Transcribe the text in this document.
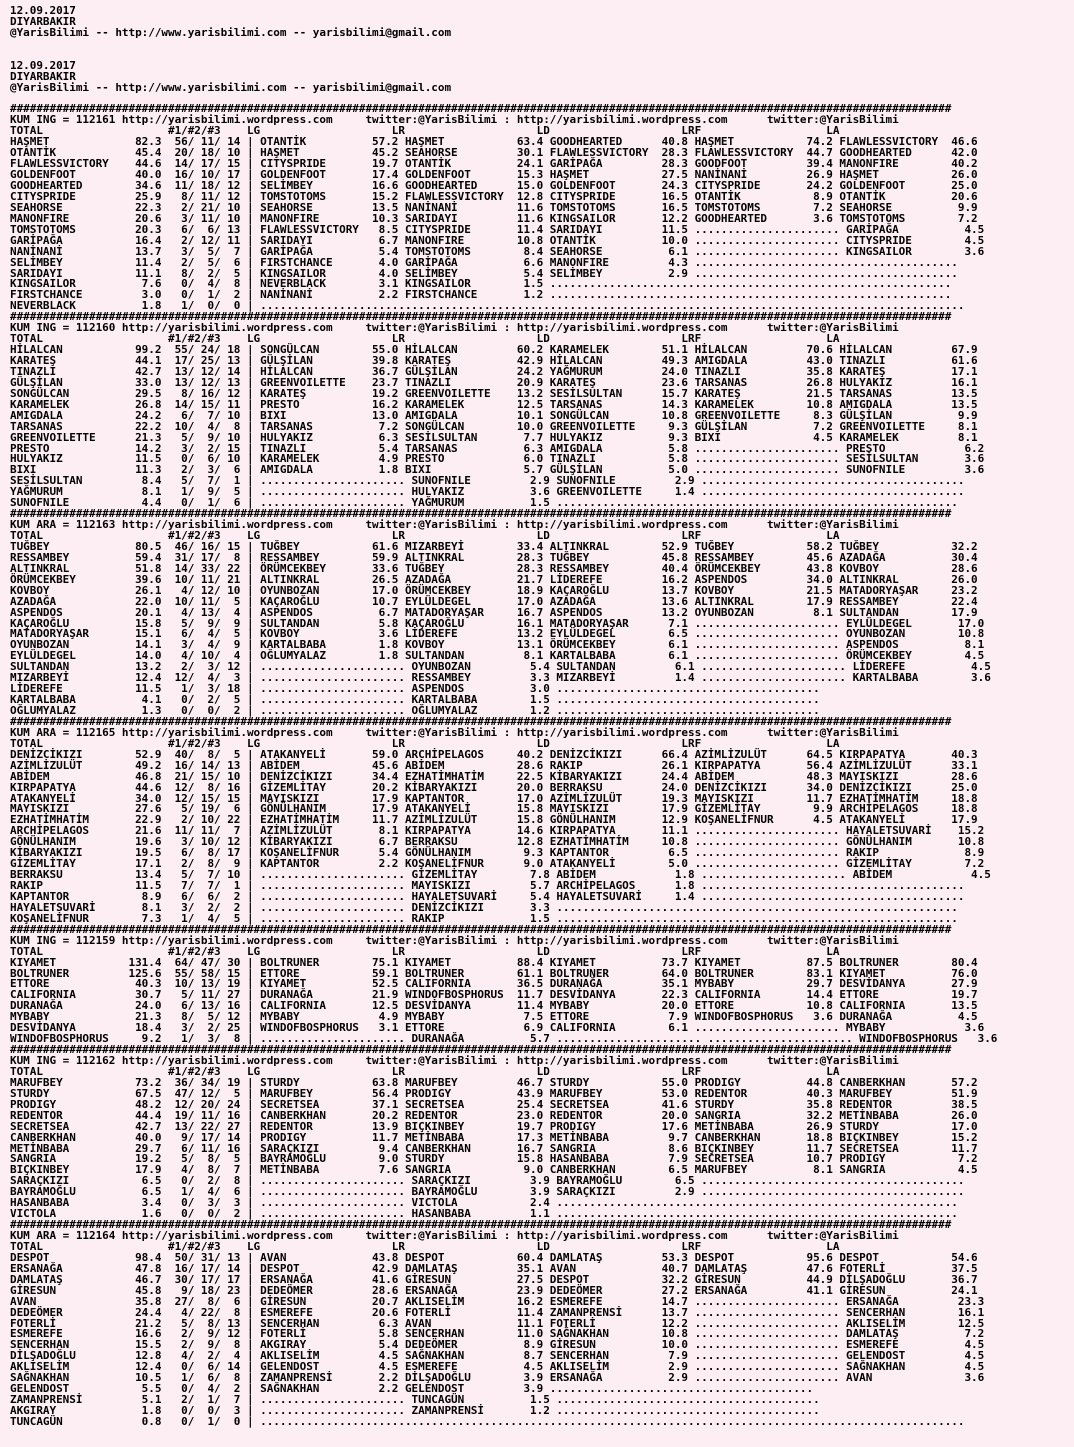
12.09.2017
DIYARBAKIR
@YarisBilimi -- http://www.yarisbilimi.com -- yarisbilimi@gmail.com

12.09.2017
DIYARBAKIR
@YarisBilimi -- http://www.yarisbilimi.com -- yarisbilimi@gmail.com

###############################################################################################################################################
KUM ING = 112161 http://yarisbilimi.wordpress.com     twitter:@YarisBilimi : http://yarisbilimi.wordpress.com      twitter:@YarisBilimi
TOTAL                   #1/#2/#3    LG                    LR                    LD                    LRF                   LA
HAŞMET             82.3  56/ 11/ 14 | OTANTİK          57.2 HAŞMET           63.4 GOODHEARTED      40.8 HAŞMET           74.2 FLAWLESSVICTORY  46.6
OTANTİK            45.4  20/ 18/ 10 | HAŞMET           45.2 SEAHORSE         30.1 FLAWLESSVICTORY  28.3 FLAWLESSVICTORY  44.7 GOODHEARTED      42.0
FLAWLESSVICTORY    44.6  14/ 17/ 15 | CITYSPRIDE       19.7 OTANTİK          24.1 GARİPAĞA         28.3 GOODFOOT         39.4 MANONFIRE        40.2
GOLDENFOOT         40.0  16/ 10/ 17 | GOLDENFOOT       17.4 GOLDENFOOT       15.3 HAŞMET           27.5 NANİNANİ         26.9 HAŞMET           26.0
GOODHEARTED        34.6  11/ 18/ 12 | SELİMBEY         16.6 GOODHEARTED      15.0 GOLDENFOOT       24.3 CITYSPRIDE       24.2 GOLDENFOOT       25.0
CITYSPRIDE         25.9   8/ 11/ 12 | TOMSTOTOMS       15.2 FLAWLESSVICTORY  12.8 CITYSPRIDE       16.5 OTANTİK           8.9 OTANTİK          20.6
SEAHORSE           22.3   2/ 21/ 10 | SEAHORSE         13.5 NANİNANİ         11.6 TOMSTOTOMS       16.5 TOMSTOTOMS        7.2 SEAHORSE          9.9
MANONFIRE          20.6   3/ 11/ 10 | MANONFIRE        10.3 SARIDAYI         11.6 KINGSAILOR       12.2 GOODHEARTED       3.6 TOMSTOTOMS        7.2
TOMSTOTOMS         20.3   6/  6/ 13 | FLAWLESSVICTORY   8.5 CITYSPRIDE       11.4 SARIDAYI         11.5 ...................... GARİPAĞA          4.5
GARİPAĞA           16.4   2/ 12/ 11 | SARIDAYI          6.7 MANONFIRE        10.8 OTANTİK          10.0 ...................... CITYSPRIDE        4.5
NANİNANİ           13.7   3/  5/  7 | GARİPAĞA          5.4 TOMSTOTOMS        8.4 SEAHORSE          6.1 ...................... KINGSAILOR        3.6
SELİMBEY           11.4   2/  5/  6 | FIRSTCHANCE       4.0 GARİPAĞA          6.6 MANONFIRE         4.3 ........................................
SARIDAYI           11.1   8/  2/  5 | KINGSAILOR        4.0 SELİMBEY          5.4 SELİMBEY          2.9 ........................................
KINGSAILOR          7.6   0/  4/  8 | NEVERBLACK        3.1 KINGSAILOR        1.5 .............................................................
FIRSTCHANCE         3.0   0/  1/  2 | NANİNANİ          2.2 FIRSTCHANCE       1.2 .............................................................
NEVERBLACK          1.8   1/  0/  0 | ...........................................................................................................
###############################################################################################################################################
KUM ING = 112160 http://yarisbilimi.wordpress.com     twitter:@YarisBilimi : http://yarisbilimi.wordpress.com      twitter:@YarisBilimi
TOTAL                   #1/#2/#3    LG                    LR                    LD                    LRF                   LA
HİLALCAN           99.2  55/ 24/ 18 | SONGÜLCAN        55.0 HİLALCAN         60.2 KARAMELEK        51.1 HİLALCAN         70.6 HİLALCAN         67.9
KARATEŞ            44.1  17/ 25/ 13 | GÜLŞİLAN         39.8 KARATEŞ          42.9 HİLALCAN         49.3 AMIGDALA         43.0 TINAZLI          61.6
TINAZLI            42.7  13/ 12/ 14 | HİLALCAN         36.7 GÜLŞİLAN         24.2 YAĞMURUM         24.0 TINAZLI          35.8 KARATEŞ          17.1
GÜLŞİLAN           33.0  13/ 12/ 13 | GREENVOILETTE    23.7 TINAZLI          20.9 KARATEŞ          23.6 TARSANAS         26.8 HULYAKIZ         16.1
SONGÜLCAN          29.5   8/ 16/ 12 | KARATEŞ          19.2 GREENVOILETTE    13.2 SESİLSULTAN      15.7 KARATEŞ          21.5 TARSANAS         13.5
KARAMELEK          26.8  14/ 15/ 11 | PRESTO           16.2 KARAMELEK        12.5 TARSANAS         14.3 KARAMELEK        10.8 AMIGDALA         13.5
AMIGDALA           24.2   6/  7/ 10 | BIXI             13.0 AMIGDALA         10.1 SONGÜLCAN        10.8 GREENVOILETTE     8.3 GÜLŞİLAN          9.9
TARSANAS           22.2  10/  4/  8 | TARSANAS          7.2 SONGÜLCAN        10.0 GREENVOILETTE     9.3 GÜLŞİLAN          7.2 GREENVOILETTE     8.1
GREENVOILETTE      21.3   5/  9/ 10 | HULYAKIZ          6.3 SESİLSULTAN       7.7 HULYAKIZ          9.3 BIXI              4.5 KARAMELEK         8.1
PRESTO             14.2   3/  2/ 15 | TINAZLI           5.4 TARSANAS          6.3 AMIGDALA          5.8 ...................... PRESTO            6.2
HULYAKIZ           11.5   0/  6/ 10 | KARAMELEK         4.9 PRESTO            6.0 TINAZLI           5.8 ...................... SESİLSULTAN       3.6
BIXI               11.3   2/  3/  6 | AMIGDALA          1.8 BIXI              5.7 GÜLŞİLAN          5.0 ...................... SUNOFNILE         3.6
SESİLSULTAN         8.4   5/  7/  1 | ...................... SUNOFNILE         2.9 SUNOFNILE         2.9 ........................................
YAĞMURUM            8.1   1/  9/  5 | ...................... HULYAKIZ          3.6 GREENVOILETTE     1.4 ........................................
SUNOFNILE           4.4   0/  1/  6 | ...................... YAĞMURUM          1.5 .............................................................
###############################################################################################################################################
KUM ARA = 112163 http://yarisbilimi.wordpress.com     twitter:@YarisBilimi : http://yarisbilimi.wordpress.com      twitter:@YarisBilimi
TOTAL                   #1/#2/#3    LG                    LR                    LD                    LRF                   LA
TUĞBEY             80.5  46/ 16/ 15 | TUĞBEY           61.6 MIZARBEYİ        33.4 ALTINKRAL        52.9 TUĞBEY           58.2 TUĞBEY           32.2
RESSAMBEY          59.4  31/ 17/  8 | RESSAMBEY        59.9 ALTINKRAL        28.3 TUĞBEY           45.8 RESSAMBEY        45.6 AZADAĞA          30.4
ALTINKRAL          51.8  14/ 33/ 22 | ÖRÜMCEKBEY       33.6 TUĞBEY           28.3 RESSAMBEY        40.4 ÖRÜMCEKBEY       43.8 KOVBOY           28.6
ÖRÜMCEKBEY         39.6  10/ 11/ 21 | ALTINKRAL        26.5 AZADAĞA          21.7 LİDEREFE         16.2 ASPENDOS         34.0 ALTINKRAL        26.0
KOVBOY             26.1   4/ 12/ 10 | OYUNBOZAN        17.0 ÖRÜMCEKBEY       18.9 KAÇAROĞLU        13.7 KOVBOY           21.5 MATADORYAŞAR     23.2
AZADAĞA            22.0  10/ 11/  5 | KAÇAROĞLU        10.7 EYLÜLDEGEL       17.0 AZADAĞA          13.6 ALTINKRAL        17.9 RESSAMBEY        22.4
ASPENDOS           20.1   4/ 13/  4 | ASPENDOS          6.7 MATADORYAŞAR     16.7 ASPENDOS         13.2 OYUNBOZAN         8.1 SULTANDAN        17.9
KAÇAROĞLU          15.8   5/  9/  9 | SULTANDAN         5.8 KAÇAROĞLU        16.1 MATADORYAŞAR      7.1 ...................... EYLÜLDEGEL       17.0
MATADORYAŞAR       15.1   6/  4/  5 | KOVBOY            3.6 LİDEREFE         13.2 EYLÜLDEGEL        6.5 ...................... OYUNBOZAN        10.8
OYUNBOZAN          14.1   3/  4/  9 | KARTALBABA        1.8 KOVBOY           13.1 ÖRÜMCEKBEY        6.1 ...................... ASPENDOS          8.1
EYLÜLDEGEL         14.0   4/ 10/  4 | OĞLUMYALAZ        1.8 SULTANDAN         8.1 KARTALBABA        6.1 ...................... ÖRÜMCEKBEY        4.5
SULTANDAN          13.2   2/  3/ 12 | ...................... OYUNBOZAN         5.4 SULTANDAN         6.1 ...................... LİDEREFE          4.5
MIZARBEYİ          12.4  12/  4/  3 | ...................... RESSAMBEY         3.3 MIZARBEYİ         1.4 ...................... KARTALBABA        3.6
LİDEREFE           11.5   1/  3/ 18 | ...................... ASPENDOS          3.0 ........................................
KARTALBABA          4.1   0/  2/  5 | ...................... KARTALBABA        1.5 ........................................
OĞLUMYALAZ          1.3   0/  0/  2 | ...................... OĞLUMYALAZ        1.2 ........................................
###############################################################################################################################################
KUM ARA = 112165 http://yarisbilimi.wordpress.com     twitter:@YarisBilimi : http://yarisbilimi.wordpress.com      twitter:@YarisBilimi
TOTAL                   #1/#2/#3    LG                    LR                    LD                    LRF                   LA
DENİZCİKIZI        52.9  40/  8/  5 | ATAKANYELİ       59.0 ARCHİPELAGOS     40.2 DENİZCİKIZI      66.4 AZİMLİZULÜT      64.5 KIRPAPATYA       40.3
AZİMLİZULÜT        49.2  16/ 14/ 13 | ABİDEM           45.6 ABİDEM           28.6 RAKIP            26.1 KIRPAPATYA       56.4 AZİMLİZULÜT      33.1
ABİDEM             46.8  21/ 15/ 10 | DENİZCİKIZI      34.4 EZHATİMHATİM     22.5 KİBARYAKIZI      24.4 ABİDEM           48.3 MAYISKIZI        28.6
KIRPAPATYA         44.6  12/  8/ 16 | GİZEMLİTAY       20.2 KİBARYAKIZI      20.0 BERRAKSU         24.0 DENİZCİKIZI      34.0 DENİZCİKIZI      25.0
ATAKANYELİ         34.0  12/ 15/ 15 | MAYISKIZI        17.9 KAPTANTOR        17.0 AZİMLİZULÜT      19.3 MAYISKIZI        11.7 EZHATİMHATİM     18.8
MAYISKIZI          27.6   5/ 19/  6 | GÖNÜLHANIM       17.9 ATAKANYELİ       15.8 MAYISKIZI        17.9 GİZEMLİTAY        9.9 ARCHİPELAGOS     18.8
EZHATİMHATİM       22.9   2/ 10/ 22 | EZHATİMHATİM     11.7 AZİMLİZULÜT      15.8 GÖNÜLHANIM       12.9 KOŞANELİFNUR      4.5 ATAKANYELİ       17.9
ARCHİPELAGOS       21.6  11/ 11/  7 | AZİMLİZULÜT       8.1 KIRPAPATYA       14.6 KIRPAPATYA       11.1 ...................... HAYALETSUVARİ    15.2
GÖNÜLHANIM         19.6   3/ 10/ 12 | KİBARYAKIZI       6.7 BERRAKSU         12.8 EZHATİMHATİM     10.8 ...................... GÖNÜLHANIM       10.8
KİBARYAKIZI        19.5   6/  8/ 17 | KOŞANELİFNUR      5.4 GÖNÜLHANIM        9.3 KAPTANTOR         6.5 ...................... RAKIP             8.9
GİZEMLİTAY         17.1   2/  8/  9 | KAPTANTOR         2.2 KOŞANELİFNUR      9.0 ATAKANYELİ        5.0 ...................... GİZEMLİTAY        7.2
BERRAKSU           13.4   5/  7/ 10 | ...................... GİZEMLİTAY        7.8 ABİDEM            1.8 ...................... ABİDEM            4.5
RAKIP              11.5   7/  7/  1 | ...................... MAYISKIZI         5.7 ARCHİPELAGOS      1.8 ........................................
KAPTANTOR           8.9   6/  6/  2 | ...................... HAYALETSUVARİ     5.4 HAYALETSUVARİ     1.4 ........................................
HAYALETSUVARİ       8.1   3/  2/  2 | ...................... DENİZCİKIZI       3.3 .............................................................
KOŞANELİFNUR        7.3   1/  4/  5 | ...................... RAKIP             1.5 .............................................................
###############################################################################################################################################
KUM ING = 112159 http://yarisbilimi.wordpress.com     twitter:@YarisBilimi : http://yarisbilimi.wordpress.com      twitter:@YarisBilimi
TOTAL                   #1/#2/#3    LG                    LR                    LD                    LRF                   LA
KIYAMET           131.4  64/ 47/ 30 | BOLTRUNER        75.1 KIYAMET          88.4 KIYAMET          73.7 KIYAMET          87.5 BOLTRUNER        80.4
BOLTRUNER         125.6  55/ 58/ 15 | ETTORE           59.1 BOLTRUNER        61.1 BOLTRUNER        64.0 BOLTRUNER        83.1 KIYAMET          76.0
ETTORE             40.3  10/ 13/ 19 | KIYAMET          52.5 CALIFORNIA       36.5 DURANAĞA         35.1 MYBABY           29.7 DESVİDANYA       27.9
CALIFORNIA         30.7   5/ 11/ 27 | DURANAĞA         21.9 WINDOFBOSPHORUS  11.7 DESVİDANYA       22.3 CALIFORNIA       14.4 ETTORE           19.7
DURANAĞA           24.0   6/ 13/ 16 | CALIFORNIA       12.5 DESVİDANYA       11.4 MYBABY           20.0 ETTORE           10.8 CALIFORNIA       13.5
MYBABY             21.3   8/  5/ 12 | MYBABY            4.9 MYBABY            7.5 ETTORE            7.9 WINDOFBOSPHORUS   3.6 DURANAĞA          4.5
DESVİDANYA         18.4   3/  2/ 25 | WINDOFBOSPHORUS   3.1 ETTORE            6.9 CALIFORNIA        6.1 ...................... MYBABY            3.6
WINDOFBOSPHORUS     9.2   1/  3/  8 | ...................... DURANAĞA          5.7 ...................... ...................... WINDOFBOSPHORUS   3.6
###############################################################################################################################################
KUM ING = 112162 http://yarisbilimi.wordpress.com     twitter:@YarisBilimi : http://yarisbilimi.wordpress.com      twitter:@YarisBilimi
TOTAL                   #1/#2/#3    LG                    LR                    LD                    LRF                   LA
MARUFBEY           73.2  36/ 34/ 19 | STURDY           63.8 MARUFBEY         46.7 STURDY           55.0 PRODIGY          44.8 CANBERKHAN       57.2
STURDY             67.5  47/ 12/  5 | MARUFBEY         56.4 PRODIGY          43.9 MARUFBEY         53.0 REDENTOR         40.3 MARUFBEY         51.9
PRODIGY            48.2  12/ 20/ 24 | SECRETSEA        37.1 SECRETSEA        25.4 SECRETSEA        41.6 STURDY           35.8 REDENTOR         38.5
REDENTOR           44.4  19/ 11/ 16 | CANBERKHAN       20.2 REDENTOR         23.0 REDENTOR         20.0 SANGRIA          32.2 METİNBABA        26.0
SECRETSEA          42.7  13/ 22/ 27 | REDENTOR         13.9 BIÇKINBEY        19.7 PRODIGY          17.6 METİNBABA        26.9 STURDY           17.0
CANBERKHAN         40.0   9/ 17/ 14 | PRODIGY          11.7 METİNBABA        17.3 METİNBABA         9.7 CANBERKHAN       18.8 BIÇKINBEY        15.2
METİNBABA          29.7   6/ 11/ 16 | SARAÇKIZI         9.4 CANBERKHAN       16.7 SANGRIA           8.6 BIÇKINBEY        11.7 SECRETSEA        11.7
SANGRIA            19.2   5/  8/  5 | BAYRAMOĞLU        9.0 STURDY           15.8 HASANBABA         7.9 SECRETSEA        10.7 PRODIGY           7.2
BIÇKINBEY          17.9   4/  8/  7 | METİNBABA         7.6 SANGRIA           9.0 CANBERKHAN        6.5 MARUFBEY          8.1 SANGRIA           4.5
SARAÇKIZI           6.5   0/  2/  8 | ...................... SARAÇKIZI         3.9 BAYRAMOĞLU        6.5 ........................................
BAYRAMOĞLU          6.5   1/  4/  6 | ...................... BAYRAMOĞLU        3.9 SARAÇKIZI         2.9 ........................................
HASANBABA           3.4   0/  3/  3 | ...................... VICTOLA           2.4 .............................................................
VICTOLA             1.6   0/  0/  2 | ...................... HASANBABA         1.1 .............................................................
###############################################################################################################################################
KUM ARA = 112164 http://yarisbilimi.wordpress.com     twitter:@YarisBilimi : http://yarisbilimi.wordpress.com      twitter:@YarisBilimi
TOTAL                   #1/#2/#3    LG                    LR                    LD                    LRF                   LA
DESPOT             98.4  50/ 31/ 13 | AVAN             43.8 DESPOT           60.4 DAMLATAŞ         53.3 DESPOT           95.6 DESPOT           54.6
ERSANAĞA           47.8  16/ 17/ 14 | DESPOT           42.9 DAMLATAŞ         35.1 AVAN             40.7 DAMLATAŞ         47.6 FOTERLİ          37.5
DAMLATAŞ           46.7  30/ 17/ 17 | ERSANAĞA         41.6 GİRESUN          27.5 DESPOT           32.2 GİRESUN          44.9 DİLŞADOĞLU       36.7
GİRESUN            45.8   9/ 18/ 23 | DEDEÖMER         28.6 ERSANAĞA         23.9 DEDEÖMER         27.2 ERSANAĞA         41.1 GİRESUN          24.1
AVAN               35.8  27/  8/  6 | GİRESUN          20.7 AKLISELİM        16.2 ESMEREFE         14.7 ...................... ERSANAĞA         23.3
DEDEÖMER           24.4   4/ 22/  8 | ESMEREFE         20.6 FOTERLİ          11.4 ZAMANPRENSİ      13.7 ...................... SENCERHAN        16.1
FOTERLİ            21.2   5/  8/ 13 | SENCERHAN         6.3 AVAN             11.1 FOTERLİ          12.2 ...................... AKLISELİM        12.5
ESMEREFE           16.6   2/  9/ 12 | FOTERLİ           5.8 SENCERHAN        11.0 SAĞNAKHAN        10.8 ...................... DAMLATAŞ          7.2
SENCERHAN          15.5   2/  9/  8 | AKGIRAY           5.4 DEDEÖMER          8.9 GİRESUN          10.0 ...................... ESMEREFE          4.5
DİLŞADOĞLU         12.8   4/  2/  4 | AKLISELİM         4.5 SAĞNAKHAN         8.7 SENCERHAN         7.9 ...................... GELENDOST         4.5
AKLISELİM          12.4   0/  6/ 14 | GELENDOST         4.5 ESMEREFE          4.5 AKLISELİM         2.9 ...................... SAĞNAKHAN         4.5
SAĞNAKHAN          10.5   1/  6/  8 | ZAMANPRENSİ       2.2 DİLŞADOĞLU        3.9 ERSANAĞA          2.9 ...................... AVAN              3.6
GELENDOST           5.5   0/  4/  2 | SAĞNAKHAN         2.2 GELENDOST         3.9 ........................................
ZAMANPRENSİ         5.1   2/  1/  7 | ...................... TUNCAGÜN          1.5 ........................................
AKGIRAY             1.8   0/  0/  3 | ...................... ZAMANPRENSİ       1.2 ........................................
TUNCAGÜN            0.8   0/  1/  0 | ...........................................................................................................
